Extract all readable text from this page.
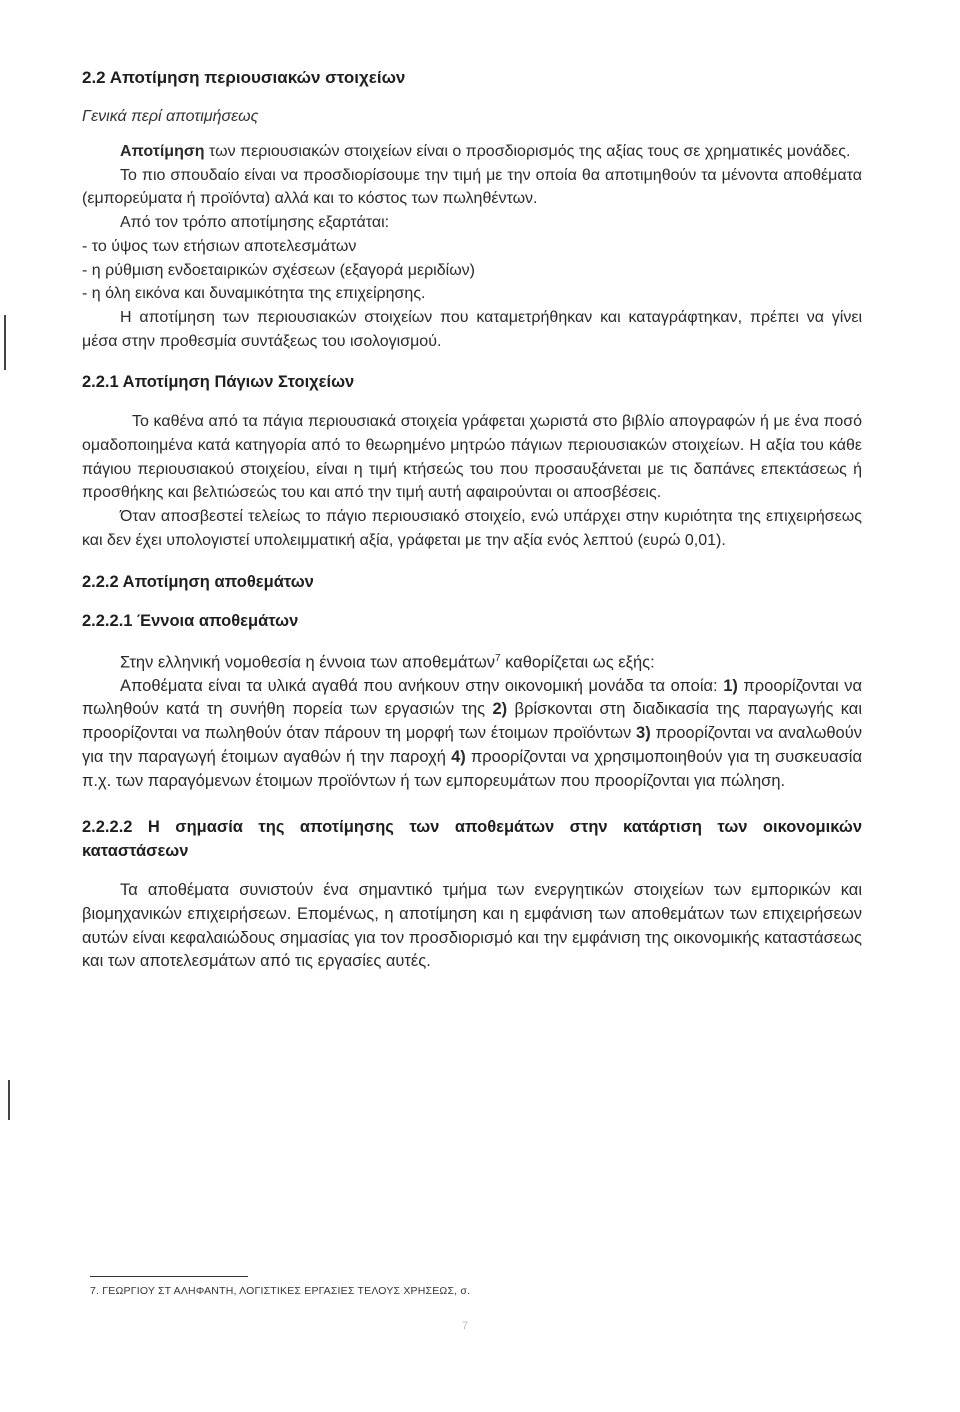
2.2 Αποτίμηση περιουσιακών στοιχείων
Γενικά περί αποτιμήσεως

Αποτίμηση των περιουσιακών στοιχείων είναι ο προσδιορισμός της αξίας τους σε χρηματικές μονάδες.

Το πιο σπουδαίο είναι να προσδιορίσουμε την τιμή με την οποία θα αποτιμηθούν τα μένοντα αποθέματα (εμπορεύματα ή προϊόντα) αλλά και το κόστος των πωληθέντων.

Από τον τρόπο αποτίμησης εξαρτάται:
- το ύψος των ετήσιων αποτελεσμάτων
- η ρύθμιση ενδοεταιρικών σχέσεων (εξαγορά μεριδίων)
- η όλη εικόνα και δυναμικότητα της επιχείρησης.

Η αποτίμηση των περιουσιακών στοιχείων που καταμετρήθηκαν και καταγράφτηκαν, πρέπει να γίνει μέσα στην προθεσμία συντάξεως του ισολογισμού.

2.2.1 Αποτίμηση Πάγιων Στοιχείων

Το καθένα από τα πάγια περιουσιακά στοιχεία γράφεται χωριστά στο βιβλίο απογραφών ή με ένα ποσό ομαδοποιημένα κατά κατηγορία από το θεωρημένο μητρώο πάγιων περιουσιακών στοιχείων. Η αξία του κάθε πάγιου περιουσιακού στοιχείου, είναι η τιμή κτήσεώς του που προσαυξάνεται με τις δαπάνες επεκτάσεως ή προσθήκης και βελτιώσεώς του και από την τιμή αυτή αφαιρούνται οι αποσβέσεις.

Όταν αποσβεστεί τελείως το πάγιο περιουσιακό στοιχείο, ενώ υπάρχει στην κυριότητα της επιχειρήσεως και δεν έχει υπολογιστεί υπολειμματική αξία, γράφεται με την αξία ενός λεπτού (ευρώ 0,01).

2.2.2 Αποτίμηση αποθεμάτων
2.2.2.1 Έννοια αποθεμάτων

Στην ελληνική νομοθεσία η έννοια των αποθεμάτων$^7$ καθορίζεται ως εξής:

Αποθέματα είναι τα υλικά αγαθά που ανήκουν στην οικονομική μονάδα τα οποία: 1) προορίζονται να πωληθούν κατά τη συνήθη πορεία των εργασιών της 2) βρίσκονται στη διαδικασία της παραγωγής και προορίζονται να πωληθούν όταν πάρουν τη μορφή των έτοιμων προϊόντων 3) προορίζονται να αναλωθούν για την παραγωγή έτοιμων αγαθών ή την παροχή 4) προορίζονται να χρησιμοποιηθούν για τη συσκευασία π.χ. των παραγόμενων έτοιμων προϊόντων ή των εμπορευμάτων που προορίζονται για πώληση.

2.2.2.2 Η σημασία της αποτίμησης των αποθεμάτων στην κατάρτιση των οικονομικών καταστάσεων

Τα αποθέματα συνιστούν ένα σημαντικό τμήμα των ενεργητικών στοιχείων των εμπορικών και βιομηχανικών επιχειρήσεων. Επομένως, η αποτίμηση και η εμφάνιση των αποθεμάτων των επιχειρήσεων αυτών είναι κεφαλαιώδους σημασίας για τον προσδιορισμό και την εμφάνιση της οικονομικής καταστάσεως και των αποτελεσμάτων από τις εργασίες αυτές.

7. ΓΕΩΡΓΙΟΥ ΣΤ ΑΛΗΦΑΝΤΗ, ΛΟΓΙΣΤΙΚΕΣ ΕΡΓΑΣΙΕΣ ΤΕΛΟΥΣ ΧΡΗΣΕΩΣ, σ.
7
